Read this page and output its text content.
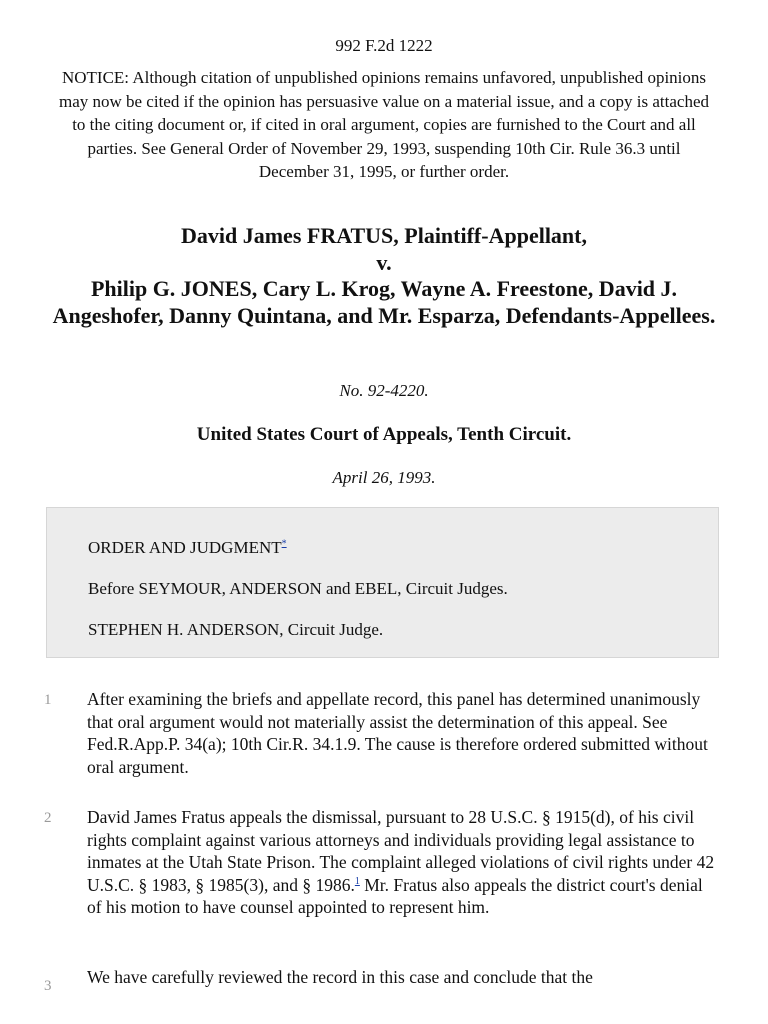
992 F.2d 1222
NOTICE: Although citation of unpublished opinions remains unfavored, unpublished opinions may now be cited if the opinion has persuasive value on a material issue, and a copy is attached to the citing document or, if cited in oral argument, copies are furnished to the Court and all parties. See General Order of November 29, 1993, suspending 10th Cir. Rule 36.3 until December 31, 1995, or further order.
David James FRATUS, Plaintiff-Appellant,
v.
Philip G. JONES, Cary L. Krog, Wayne A. Freestone, David J. Angeshofer, Danny Quintana, and Mr. Esparza, Defendants-Appellees.
No. 92-4220.
United States Court of Appeals, Tenth Circuit.
April 26, 1993.
ORDER AND JUDGMENT*
Before SEYMOUR, ANDERSON and EBEL, Circuit Judges.
STEPHEN H. ANDERSON, Circuit Judge.
1	After examining the briefs and appellate record, this panel has determined unanimously that oral argument would not materially assist the determination of this appeal. See Fed.R.App.P. 34(a); 10th Cir.R. 34.1.9. The cause is therefore ordered submitted without oral argument.
2	David James Fratus appeals the dismissal, pursuant to 28 U.S.C. § 1915(d), of his civil rights complaint against various attorneys and individuals providing legal assistance to inmates at the Utah State Prison. The complaint alleged violations of civil rights under 42 U.S.C. § 1983, § 1985(3), and § 1986.$^1$ Mr. Fratus also appeals the district court's denial of his motion to have counsel appointed to represent him.
3	We have carefully reviewed the record in this case and conclude that the
